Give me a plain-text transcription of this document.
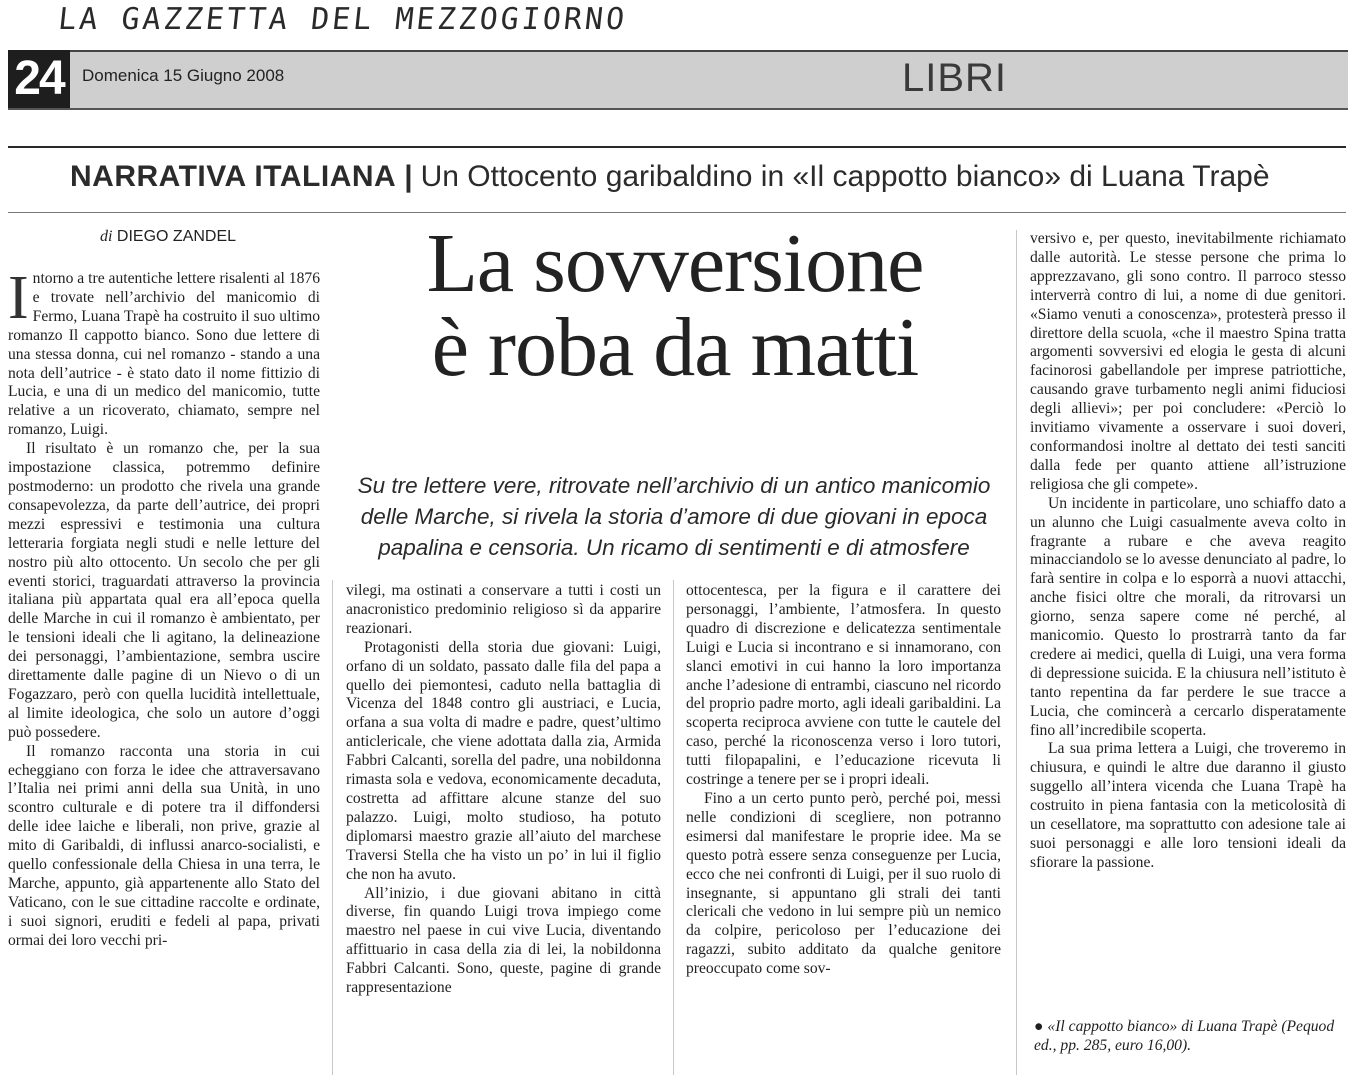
LA GAZZETTA DEL MEZZOGIORNO
24	Domenica 15 Giugno 2008	LIBRI
NARRATIVA ITALIANA | Un Ottocento garibaldino in «Il cappotto bianco» di Luana Trapè
di DIEGO ZANDEL	La sovversione
è roba da matti
Su tre lettere vere, ritrovate nell’archivio di un antico manicomio delle Marche, si rivela la storia d’amore di due giovani in epoca papalina e censoria. Un ricamo di sentimenti e di atmosfere

Intorno a tre autentiche lettere risalenti al 1876 e trovate nell’archivio del manicomio di Fermo, Luana Trapè ha costruito il suo ultimo romanzo Il cappotto bianco. Sono due lettere di una stessa donna, cui nel romanzo - stando a una nota dell’autrice - è stato dato il nome fittizio di Lucia, e una di un medico del manicomio, tutte relative a un ricoverato, chiamato, sempre nel romanzo, Luigi.

Il risultato è un romanzo che, per la sua impostazione classica, potremmo definire postmoderno: un prodotto che rivela una grande consapevolezza, da parte dell’autrice, dei propri mezzi espressivi e testimonia una cultura letteraria forgiata negli studi e nelle letture del nostro più alto ottocento. Un secolo che per gli eventi storici, traguardati attraverso la provincia italiana più appartata qual era all’epoca quella delle Marche in cui il romanzo è ambientato, per le tensioni ideali che li agitano, la delineazione dei personaggi, l’ambientazione, sembra uscire direttamente dalle pagine di un Nievo o di un Fogazzaro, però con quella lucidità intellettuale, al limite ideologica, che solo un autore d’oggi può possedere.

Il romanzo racconta una storia in cui echeggiano con forza le idee che attraversavano l’Italia nei primi anni della sua Unità, in uno scontro culturale e di potere tra il diffondersi delle idee laiche e liberali, non prive, grazie al mito di Garibaldi, di influssi anarco-socialisti, e quello confessionale della Chiesa in una terra, le Marche, appunto, già appartenente allo Stato del Vaticano, con le sue cittadine raccolte e ordinate, i suoi signori, eruditi e fedeli al papa, privati ormai dei loro vecchi pri-

vilegi, ma ostinati a conservare a tutti i costi un anacronistico predominio religioso sì da apparire reazionari.

Protagonisti della storia due giovani: Luigi, orfano di un soldato, passato dalle fila del papa a quello dei piemontesi, caduto nella battaglia di Vicenza del 1848 contro gli austriaci, e Lucia, orfana a sua volta di madre e padre, quest’ultimo anticlericale, che viene adottata dalla zia, Armida Fabbri Calcanti, sorella del padre, una nobildonna rimasta sola e vedova, economicamente decaduta, costretta ad affittare alcune stanze del suo palazzo. Luigi, molto studioso, ha potuto diplomarsi maestro grazie all’aiuto del marchese Traversi Stella che ha visto un po’ in lui il figlio che non ha avuto.

All’inizio, i due giovani abitano in città diverse, fin quando Luigi trova impiego come maestro nel paese in cui vive Lucia, diventando affittuario in casa della zia di lei, la nobildonna Fabbri Calcanti. Sono, queste, pagine di grande rappresentazione

ottocentesca, per la figura e il carattere dei personaggi, l’ambiente, l’atmosfera. In questo quadro di discrezione e delicatezza sentimentale Luigi e Lucia si incontrano e si innamorano, con slanci emotivi in cui hanno la loro importanza anche l’adesione di entrambi, ciascuno nel ricordo del proprio padre morto, agli ideali garibaldini. La scoperta reciproca avviene con tutte le cautele del caso, perché la riconoscenza verso i loro tutori, tutti filopapalini, e l’educazione ricevuta li costringe a tenere per se i propri ideali.

Fino a un certo punto però, perché poi, messi nelle condizioni di scegliere, non potranno esimersi dal manifestare le proprie idee. Ma se questo potrà essere senza conseguenze per Lucia, ecco che nei confronti di Luigi, per il suo ruolo di insegnante, si appuntano gli strali dei tanti clericali che vedono in lui sempre più un nemico da colpire, pericoloso per l’educazione dei ragazzi, subito additato da qualche genitore preoccupato come sov-

versivo e, per questo, inevitabilmente richiamato dalle autorità. Le stesse persone che prima lo apprezzavano, gli sono contro. Il parroco stesso interverrà contro di lui, a nome di due genitori. «Siamo venuti a conoscenza», protesterà presso il direttore della scuola, «che il maestro Spina tratta argomenti sovversivi ed elogia le gesta di alcuni facinorosi gabellandole per imprese patriottiche, causando grave turbamento negli animi fiduciosi degli allievi»; per poi concludere: «Perciò lo invitiamo vivamente a osservare i suoi doveri, conformandosi inoltre al dettato dei testi sanciti dalla fede per quanto attiene all’istruzione religiosa che gli compete».

Un incidente in particolare, uno schiaffo dato a un alunno che Luigi casualmente aveva colto in fragrante a rubare e che aveva reagito minacciandolo se lo avesse denunciato al padre, lo farà sentire in colpa e lo esporrà a nuovi attacchi, anche fisici oltre che morali, da ritrovarsi un giorno, senza sapere come né perché, al manicomio. Questo lo prostrarrà tanto da far credere ai medici, quella di Luigi, una vera forma di depressione suicida. E la chiusura nell’istituto è tanto repentina da far perdere le sue tracce a Lucia, che comincerà a cercarlo disperatamente fino all’incredibile scoperta.

La sua prima lettera a Luigi, che troveremo in chiusura, e quindi le altre due daranno il giusto suggello all’intera vicenda che Luana Trapè ha costruito in piena fantasia con la meticolosità di un cesellatore, ma soprattutto con adesione tale ai suoi personaggi e alle loro tensioni ideali da sfiorare la passione.

● «Il cappotto bianco» di Luana Trapè (Pequod ed., pp. 285, euro 16,00).
